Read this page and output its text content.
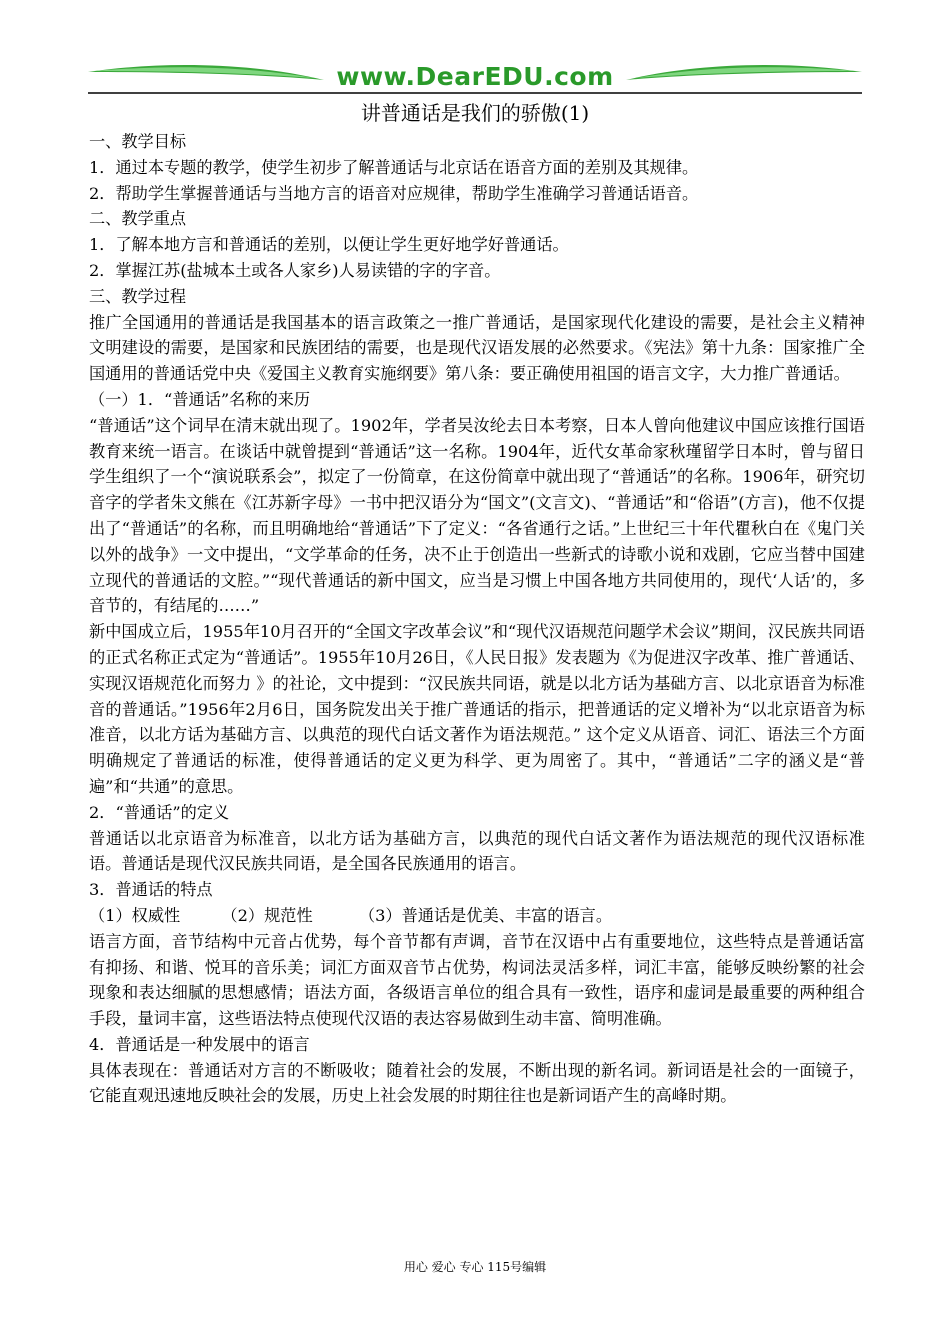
www.DearEDU.com
讲普通话是我们的骄傲(1)

一、教学目标

1．通过本专题的教学，使学生初步了解普通话与北京话在语音方面的差别及其规律。

2．帮助学生掌握普通话与当地方言的语音对应规律，帮助学生准确学习普通话语音。

二、教学重点

1．了解本地方言和普通话的差别，以便让学生更好地学好普通话。

2．掌握江苏(盐城本土或各人家乡)人易读错的字的字音。

三、教学过程

推广全国通用的普通话是我国基本的语言政策之一推广普通话，是国家现代化建设的需要，是社会主义精神文明建设的需要，是国家和民族团结的需要，也是现代汉语发展的必然要求。《宪法》第十九条：国家推广全国通用的普通话党中央《爱国主义教育实施纲要》第八条：要正确使用祖国的语言文字，大力推广普通话。

（一）1．“普通话”名称的来历

“普通话”这个词早在清末就出现了。1902年，学者吴汝纶去日本考察，日本人曾向他建议中国应该推行国语教育来统一语言。在谈话中就曾提到“普通话”这一名称。1904年，近代女革命家秋瑾留学日本时，曾与留日学生组织了一个“演说联系会”，拟定了一份简章，在这份简章中就出现了“普通话”的名称。1906年，研究切音字的学者朱文熊在《江苏新字母》一书中把汉语分为“国文”(文言文)、“普通话”和“俗语”(方言)，他不仅提出了“普通话”的名称，而且明确地给“普通话”下了定义：“各省通行之话。”上世纪三十年代瞿秋白在《鬼门关以外的战争》一文中提出，“文学革命的任务，决不止于创造出一些新式的诗歌小说和戏剧，它应当替中国建立现代的普通话的文腔。”“现代普通话的新中国文，应当是习惯上中国各地方共同使用的，现代‘人话’的，多音节的，有结尾的……”

新中国成立后，1955年10月召开的“全国文字改革会议”和“现代汉语规范问题学术会议”期间，汉民族共同语的正式名称正式定为“普通话”。1955年10月26日，《人民日报》发表题为《为促进汉字改革、推广普通话、实现汉语规范化而努力 》的社论，文中提到：“汉民族共同语，就是以北方话为基础方言、以北京语音为标准音的普通话。”1956年2月6日，国务院发出关于推广普通话的指示，把普通话的定义增补为“以北京语音为标准音，以北方话为基础方言、以典范的现代白话文著作为语法规范。” 这个定义从语音、词汇、语法三个方面明确规定了普通话的标准，使得普通话的定义更为科学、更为周密了。其中，“普通话”二字的涵义是“普遍”和“共通”的意思。

2．“普通话”的定义

普通话以北京语音为标准音，以北方话为基础方言，以典范的现代白话文著作为语法规范的现代汉语标准语。普通话是现代汉民族共同语，是全国各民族通用的语言。

3．普通话的特点

（1）权威性        （2）规范性         （3）普通话是优美、丰富的语言。

语言方面，音节结构中元音占优势，每个音节都有声调，音节在汉语中占有重要地位，这些特点是普通话富有抑扬、和谐、悦耳的音乐美；词汇方面双音节占优势，构词法灵活多样，词汇丰富，能够反映纷繁的社会现象和表达细腻的思想感情；语法方面，各级语言单位的组合具有一致性，语序和虚词是最重要的两种组合手段，量词丰富，这些语法特点使现代汉语的表达容易做到生动丰富、简明准确。

4．普通话是一种发展中的语言

具体表现在：普通话对方言的不断吸收；随着社会的发展，不断出现的新名词。新词语是社会的一面镜子，它能直观迅速地反映社会的发展，历史上社会发展的时期往往也是新词语产生的高峰时期。

用心 爱心 专心 115号编辑
